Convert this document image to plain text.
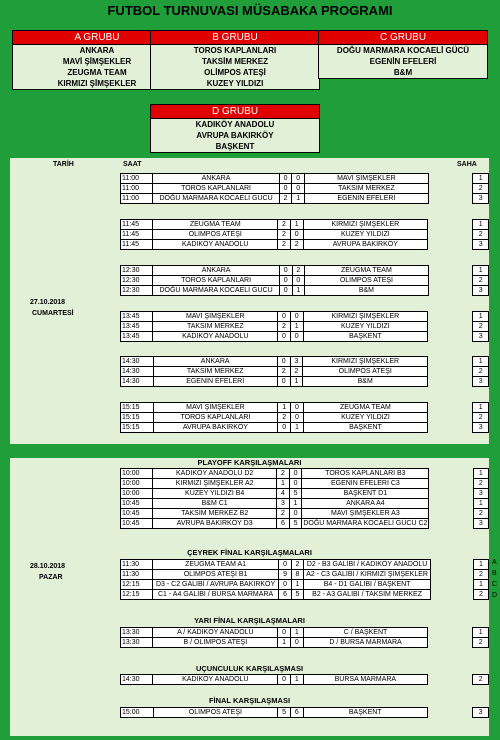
FUTBOL TURNUVASI MÜSABAKA PROGRAMI
A GRUBU
ANKARA
MAVİ ŞİMŞEKLER
ZEUGMA TEAM
KIRMIZI ŞİMŞEKLER
B GRUBU
TOROS KAPLANLARI
TAKSİM MERKEZ
OLİMPOS ATEŞİ
KUZEY YILDIZI
C GRUBU
DOĞU MARMARA KOCAELİ GÜCÜ
EGENİN EFELERİ
B&M
D GRUBU
KADIKÖY ANADOLU
AVRUPA BAKIRKÖY
BAŞKENT
TARİH	SAAT	SAHA
27.10.2018
CUMARTESİ
11:00	ANKARA	0	0	MAVİ ŞİMŞEKLER		1
11:00	TOROS KAPLANLARI	0	0	TAKSİM MERKEZ		2
11:00	DOĞU MARMARA KOCAELİ GÜCÜ	2	1	EGENİN EFELERİ		3
11:45	ZEUGMA TEAM	2	1	KIRMIZI ŞİMŞEKLER		1
11:45	OLİMPOS ATEŞİ	2	0	KUZEY YILDIZI		2
11:45	KADIKÖY ANADOLU	2	2	AVRUPA BAKIRKÖY		3
12:30	ANKARA	0	2	ZEUGMA TEAM		1
12:30	TOROS KAPLANLARI	0	0	OLİMPOS ATEŞİ		2
12:30	DOĞU MARMARA KOCAELİ GÜCÜ	0	1	B&M		3
13:45	MAVİ ŞİMŞEKLER	0	0	KIRMIZI ŞİMŞEKLER		1
13:45	TAKSİM MERKEZ	2	1	KUZEY YILDIZI		2
13:45	KADIKÖY ANADOLU	0	0	BAŞKENT		3
14:30	ANKARA	0	3	KIRMIZI ŞİMŞEKLER		1
14:30	TAKSİM MERKEZ	2	2	OLİMPOS ATEŞİ		2
14:30	EGENİN EFELERİ	0	1	B&M		3
15:15	MAVİ ŞİMŞEKLER	1	0	ZEUGMA TEAM		1
15:15	TOROS KAPLANLARI	2	0	KUZEY YILDIZI		2
15:15	AVRUPA BAKIRKÖY	0	1	BAŞKENT		3
PLAYOFF KARŞILAŞMALARI
ÇEYREK FİNAL KARŞILAŞMALARI
YARI FİNAL KARŞILAŞMALARI
UÇUNCULUK KARŞILAŞMASI
FİNAL KARŞILAŞMASI
28.10.2018
PAZAR
10:00	KADIKÖY ANADOLU D2	2	0	TOROS KAPLANLARI B3		1
10:00	KIRMIZI ŞİMŞEKLER A2	1	0	EGENİN EFELERİ C3		2
10:00	KUZEY YILDIZI B4	4	5	BAŞKENT D1		3
10:45	B&M C1	3	1	ANKARA A4		1
10:45	TAKSİM MERKEZ B2	2	0	MAVİ ŞİMŞEKLER A3		2
10:45	AVRUPA BAKIRKÖY D3	6	5	DOĞU MARMARA KOCAELİ GÜCÜ C2		3
A
B
C
D
11:30	ZEUGMA TEAM A1	0	2	D2 - B3 GALİBİ / KADIKÖY ANADOLU		1
11:30	OLİMPOS ATEŞİ B1	9	8	A2 - C3 GALİBİ / KIRMIZI ŞİMŞEKLER		2
12:15	D3 - C2 GALİBİ / AVRUPA BAKIRKÖY	0	1	B4 - D1 GALİBİ / BAŞKENT		1
12:15	C1 - A4 GALİBİ / BURSA MARMARA	6	5	B2 - A3 GALİBİ / TAKSİM MERKEZ		2
13:30	A / KADIKÖY ANADOLU	0	1	C / BAŞKENT		1
13:30	B / OLİMPOS ATEŞİ	1	0	D / BURSA MARMARA		2
14:30	KADIKÖY ANADOLU	0	1	BURSA MARMARA		2
15:00	OLİMPOS ATEŞİ	5	6	BAŞKENT		3
